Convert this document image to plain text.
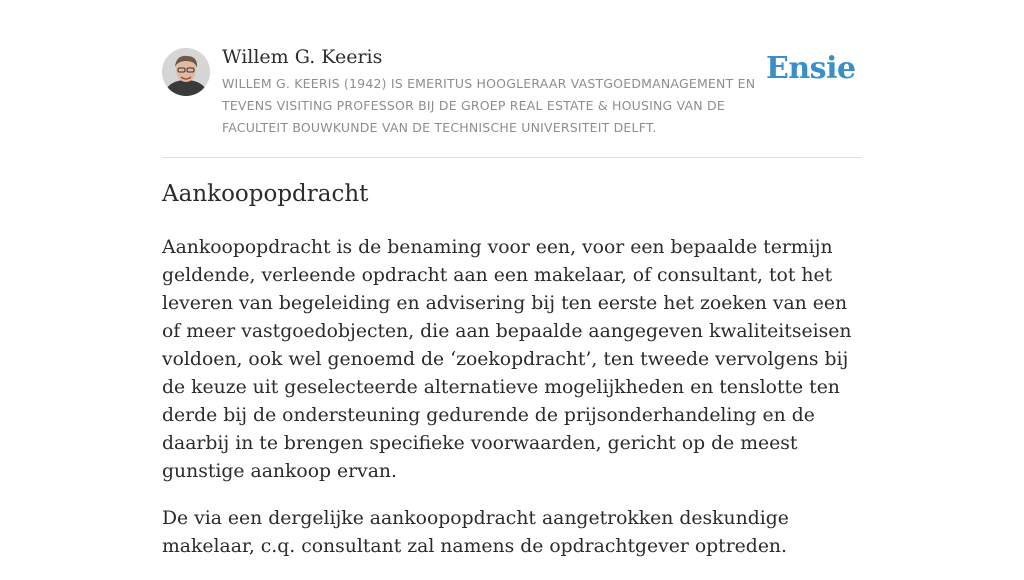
Willem G. Keeris
WILLEM G. KEERIS (1942) IS EMERITUS HOOGLERAAR VASTGOEDMANAGEMENT EN TEVENS VISITING PROFESSOR BIJ DE GROEP REAL ESTATE & HOUSING VAN DE FACULTEIT BOUWKUNDE VAN DE TECHNISCHE UNIVERSITEIT DELFT.
Ensie
Aankoopopdracht

Aankoopopdracht is de benaming voor een, voor een bepaalde termijn geldende, verleende opdracht aan een makelaar, of consultant, tot het leveren van begeleiding en advisering bij ten eerste het zoeken van een of meer vastgoedobjecten, die aan bepaalde aangegeven kwaliteitseisen voldoen, ook wel genoemd de ‘zoekopdracht’, ten tweede vervolgens bij de keuze uit geselecteerde alternatieve mogelijkheden en tenslotte ten derde bij de ondersteuning gedurende de prijsonderhandeling en de daarbij in te brengen specifieke voorwaarden, gericht op de meest gunstige aankoop ervan.

De via een dergelijke aankoopopdracht aangetrokken deskundige makelaar, c.q. consultant zal namens de opdrachtgever optreden.
